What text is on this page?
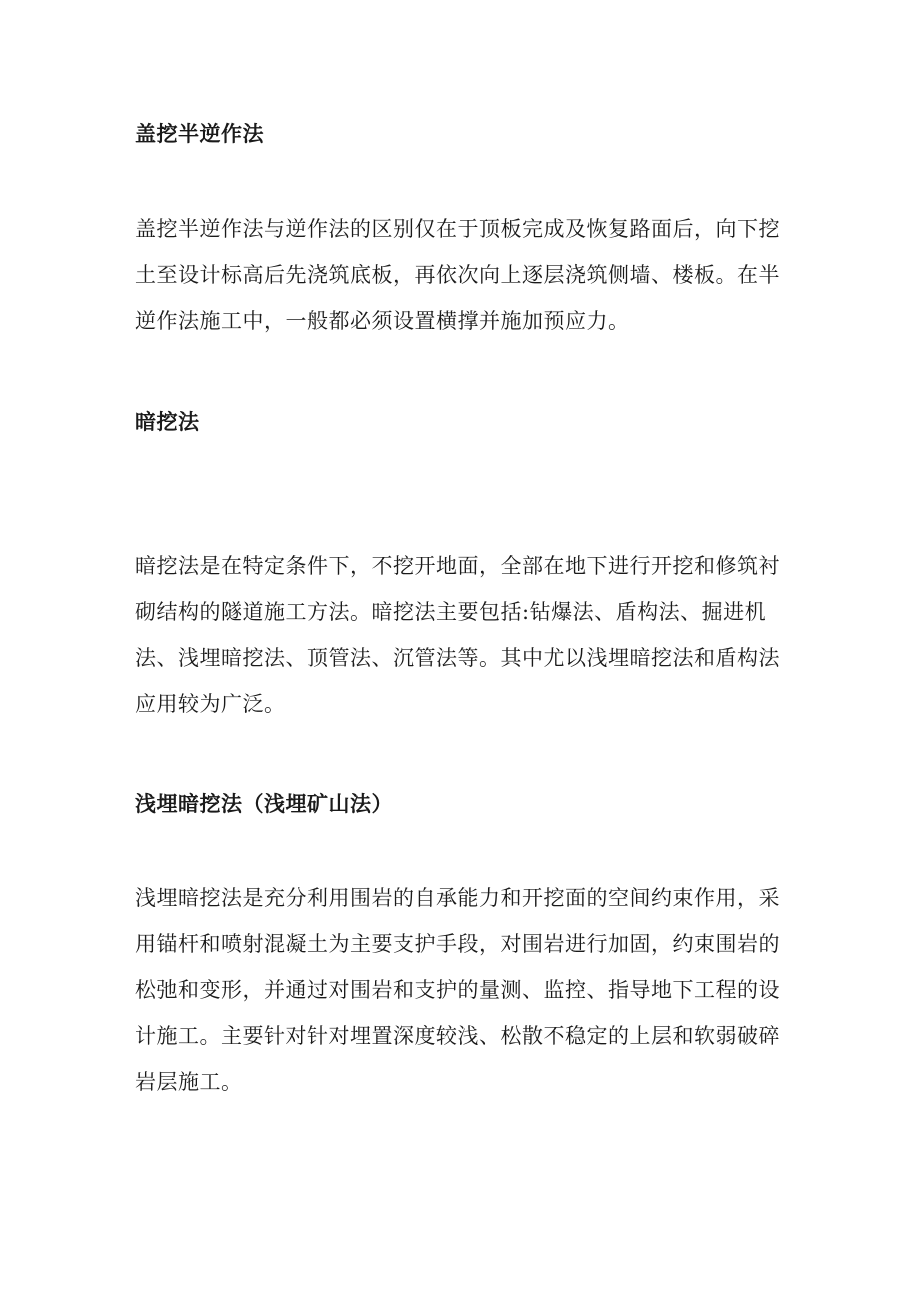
盖挖半逆作法

盖挖半逆作法与逆作法的区别仅在于顶板完成及恢复路面后，向下挖土至设计标高后先浇筑底板，再依次向上逐层浇筑侧墙、楼板。在半逆作法施工中，一般都必须设置横撑并施加预应力。

暗挖法

暗挖法是在特定条件下，不挖开地面，全部在地下进行开挖和修筑衬砌结构的隧道施工方法。暗挖法主要包括:钻爆法、盾构法、掘进机法、浅埋暗挖法、顶管法、沉管法等。其中尤以浅埋暗挖法和盾构法应用较为广泛。

浅埋暗挖法（浅埋矿山法）

浅埋暗挖法是充分利用围岩的自承能力和开挖面的空间约束作用，采用锚杆和喷射混凝土为主要支护手段，对围岩进行加固，约束围岩的松弛和变形，并通过对围岩和支护的量测、监控、指导地下工程的设计施工。主要针对针对埋置深度较浅、松散不稳定的上层和软弱破碎岩层施工。
